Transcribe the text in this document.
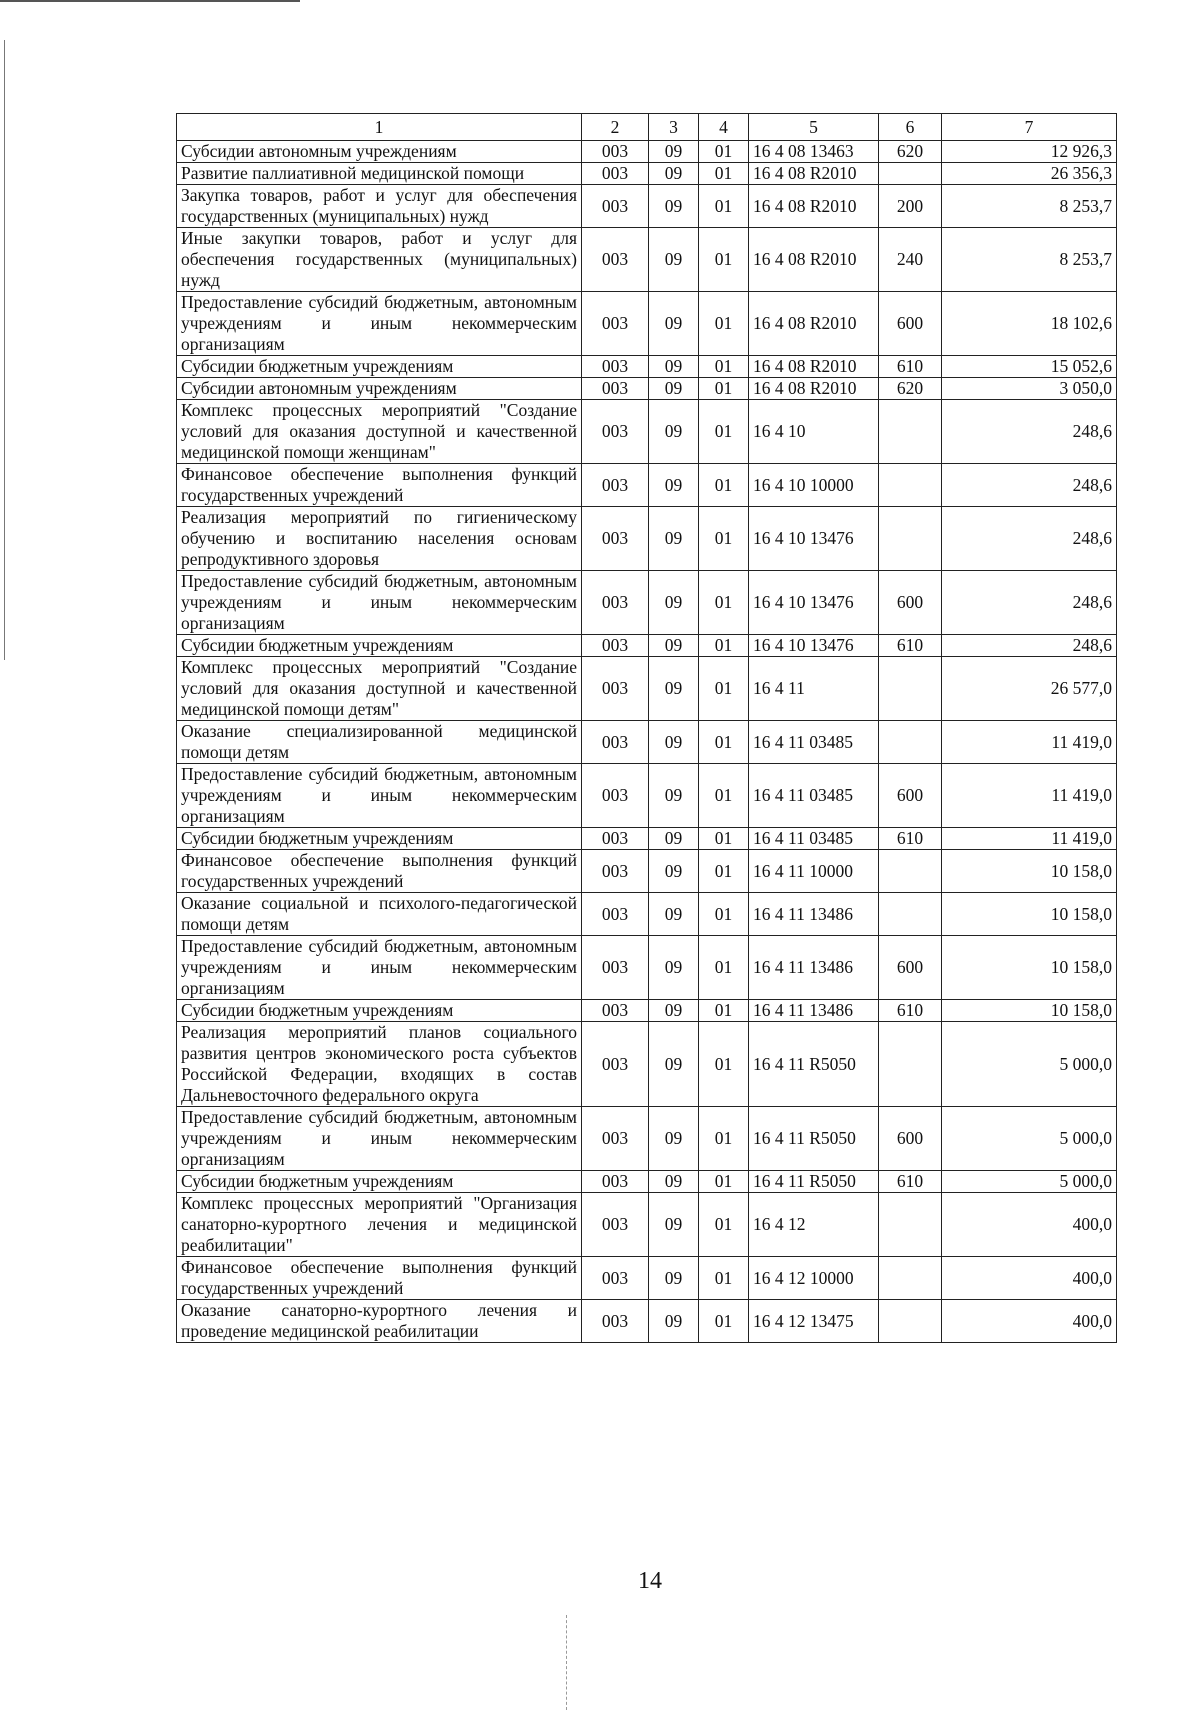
1	2	3	4	5	6	7
Субсидии автономным учреждениям	003	09	01	16 4 08 13463	620	12 926,3
Развитие паллиативной медицинской помощи	003	09	01	16 4 08 R2010		26 356,3
Закупка товаров, работ и услуг для обеспечения государственных (муниципальных) нужд	003	09	01	16 4 08 R2010	200	8 253,7
Иные закупки товаров, работ и услуг для обеспечения государственных (муниципальных) нужд	003	09	01	16 4 08 R2010	240	8 253,7
Предоставление субсидий бюджетным, автономным учреждениям и иным некоммерческим организациям	003	09	01	16 4 08 R2010	600	18 102,6
Субсидии бюджетным учреждениям	003	09	01	16 4 08 R2010	610	15 052,6
Субсидии автономным учреждениям	003	09	01	16 4 08 R2010	620	3 050,0
Комплекс процессных мероприятий "Создание условий для оказания доступной и качественной медицинской помощи женщинам"	003	09	01	16 4 10		248,6
Финансовое обеспечение выполнения функций государственных учреждений	003	09	01	16 4 10 10000		248,6
Реализация мероприятий по гигиеническому обучению и воспитанию населения основам репродуктивного здоровья	003	09	01	16 4 10 13476		248,6
Предоставление субсидий бюджетным, автономным учреждениям и иным некоммерческим организациям	003	09	01	16 4 10 13476	600	248,6
Субсидии бюджетным учреждениям	003	09	01	16 4 10 13476	610	248,6
Комплекс процессных мероприятий "Создание условий для оказания доступной и качественной медицинской помощи детям"	003	09	01	16 4 11		26 577,0
Оказание специализированной медицинской помощи детям	003	09	01	16 4 11 03485		11 419,0
Предоставление субсидий бюджетным, автономным учреждениям и иным некоммерческим организациям	003	09	01	16 4 11 03485	600	11 419,0
Субсидии бюджетным учреждениям	003	09	01	16 4 11 03485	610	11 419,0
Финансовое обеспечение выполнения функций государственных учреждений	003	09	01	16 4 11 10000		10 158,0
Оказание социальной и психолого-педагогической помощи детям	003	09	01	16 4 11 13486		10 158,0
Предоставление субсидий бюджетным, автономным учреждениям и иным некоммерческим организациям	003	09	01	16 4 11 13486	600	10 158,0
Субсидии бюджетным учреждениям	003	09	01	16 4 11 13486	610	10 158,0
Реализация мероприятий планов социального развития центров экономического роста субъектов Российской Федерации, входящих в состав Дальневосточного федерального округа	003	09	01	16 4 11 R5050		5 000,0
Предоставление субсидий бюджетным, автономным учреждениям и иным некоммерческим организациям	003	09	01	16 4 11 R5050	600	5 000,0
Субсидии бюджетным учреждениям	003	09	01	16 4 11 R5050	610	5 000,0
Комплекс процессных мероприятий "Организация санаторно-курортного лечения и медицинской реабилитации"	003	09	01	16 4 12		400,0
Финансовое обеспечение выполнения функций государственных учреждений	003	09	01	16 4 12 10000		400,0
Оказание санаторно-курортного лечения и проведение медицинской реабилитации	003	09	01	16 4 12 13475		400,0
14
